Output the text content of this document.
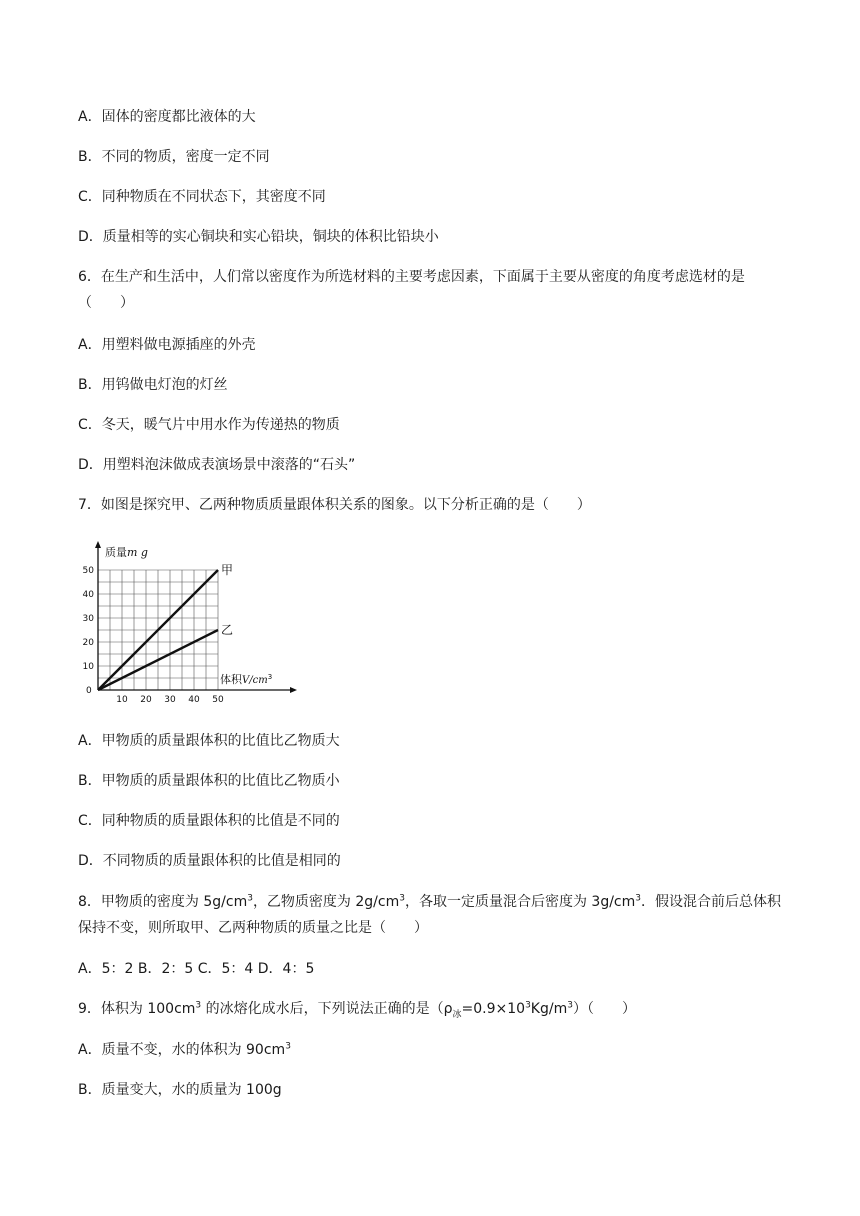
A．固体的密度都比液体的大
B．不同的物质，密度一定不同
C．同种物质在不同状态下，其密度不同
D．质量相等的实心铜块和实心铅块，铜块的体积比铅块小
6．在生产和生活中，人们常以密度作为所选材料的主要考虑因素，下面属于主要从密度的角度考虑选材的是（　　）
A．用塑料做电源插座的外壳
B．用钨做电灯泡的灯丝
C．冬天，暖气片中用水作为传递热的物质
D．用塑料泡沫做成表演场景中滚落的“石头”
7．如图是探究甲、乙两种物质质量跟体积关系的图象。以下分析正确的是（　　）
10 20 30 40 50
10
20
30
40
50	甲
乙
质量m g
体积$V/cm^3$
0
A．甲物质的质量跟体积的比值比乙物质大
B．甲物质的质量跟体积的比值比乙物质小
C．同种物质的质量跟体积的比值是不同的
D．不同物质的质量跟体积的比值是相同的
8．甲物质的密度为 $5g/cm^3$，乙物质密度为 $2g/cm^3$，各取一定质量混合后密度为 $3g/cm^3$．假设混合前后总体积保持不变，则所取甲、乙两种物质的质量之比是（　　）
A．5：2 B．2：5 C．5：4 D．4：5
9．体积为 $100cm^3$ 的冰熔化成水后，下列说法正确的是$(\rho_冰=0.9\times 10^3Kg/m^3)$（　　）
A．质量不变，水的体积为 $90cm^3$
B．质量变大，水的质量为 100g
